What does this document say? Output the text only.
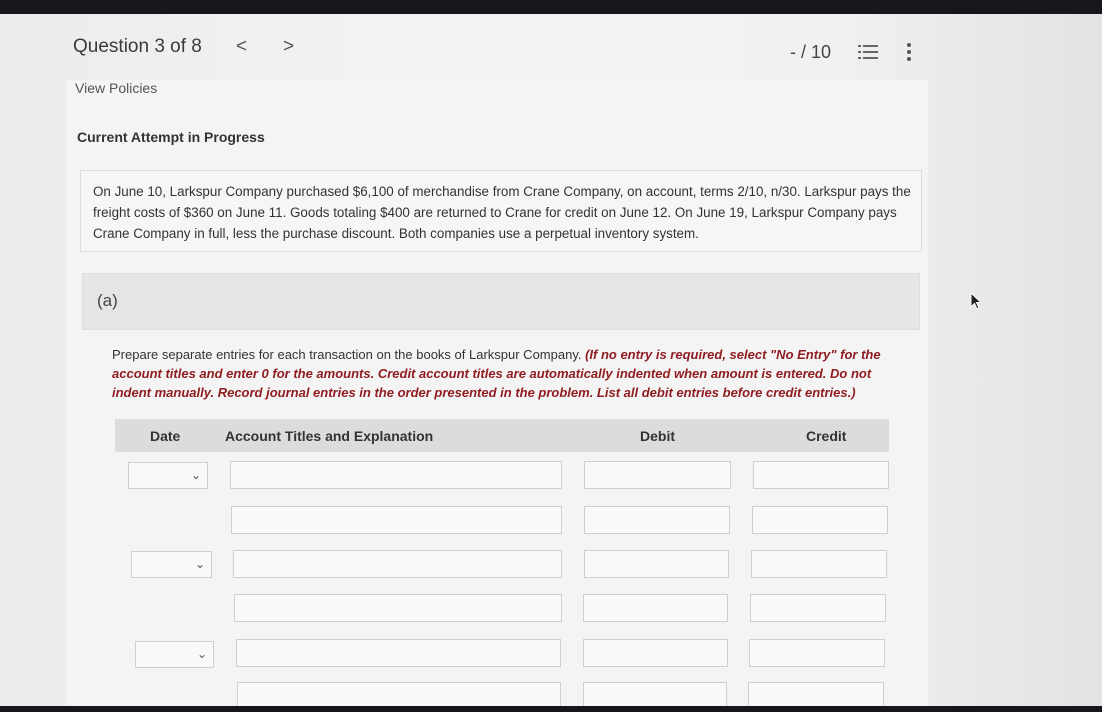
Question 3 of 8 < >	- / 10
View Policies
Current Attempt in Progress

On June 10, Larkspur Company purchased $6,100 of merchandise from Crane Company, on account, terms 2/10, n/30. Larkspur pays the freight costs of $360 on June 11. Goods totaling $400 are returned to Crane for credit on June 12. On June 19, Larkspur Company pays Crane Company in full, less the purchase discount. Both companies use a perpetual inventory system.

(a)

Prepare separate entries for each transaction on the books of Larkspur Company. (If no entry is required, select "No Entry" for the account titles and enter 0 for the amounts. Credit account titles are automatically indented when amount is entered. Do not indent manually. Record journal entries in the order presented in the problem. List all debit entries before credit entries.)

Date	Account Titles and Explanation	Debit	Credit
⌄
⌄
⌄
